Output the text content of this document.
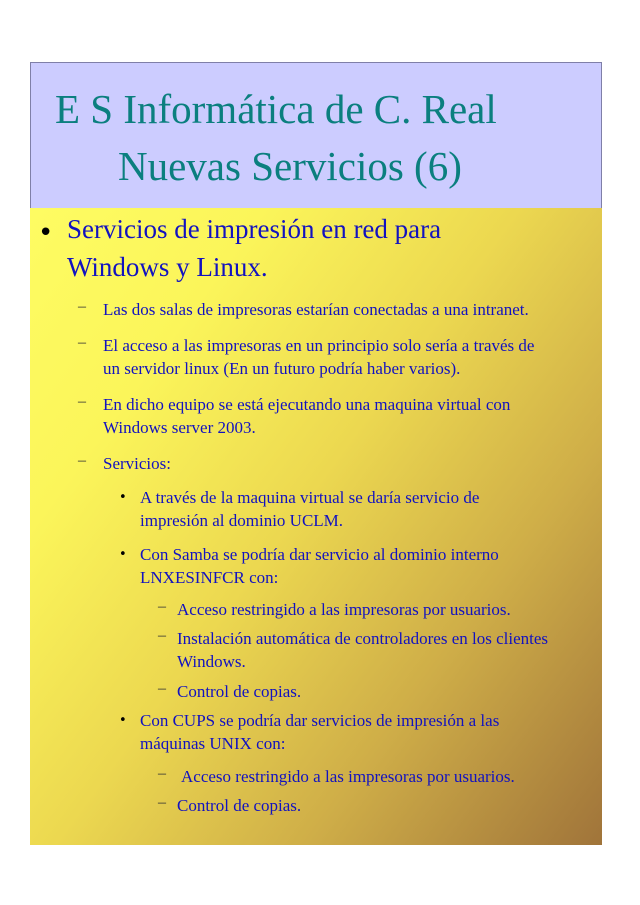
E S Informática de C. Real
Nuevas Servicios (6)
• Servicios de impresión en red para
Windows y Linux.
– Las dos salas de impresoras estarían conectadas a una intranet.
– El acceso a las impresoras en un principio solo sería a través de
un servidor linux (En un futuro podría haber varios).
– En dicho equipo se está ejecutando una maquina virtual con
Windows server 2003.
– Servicios:
• A través de la maquina virtual se daría servicio de
impresión al dominio UCLM.
• Con Samba se podría dar servicio al dominio interno
LNXESINFCR con:
– Acceso restringido a las impresoras por usuarios.
– Instalación automática de controladores en los clientes
Windows.
– Control de copias.
• Con CUPS se podría dar servicios de impresión a las
máquinas UNIX con:
– Acceso restringido a las impresoras por usuarios.
– Control de copias.
